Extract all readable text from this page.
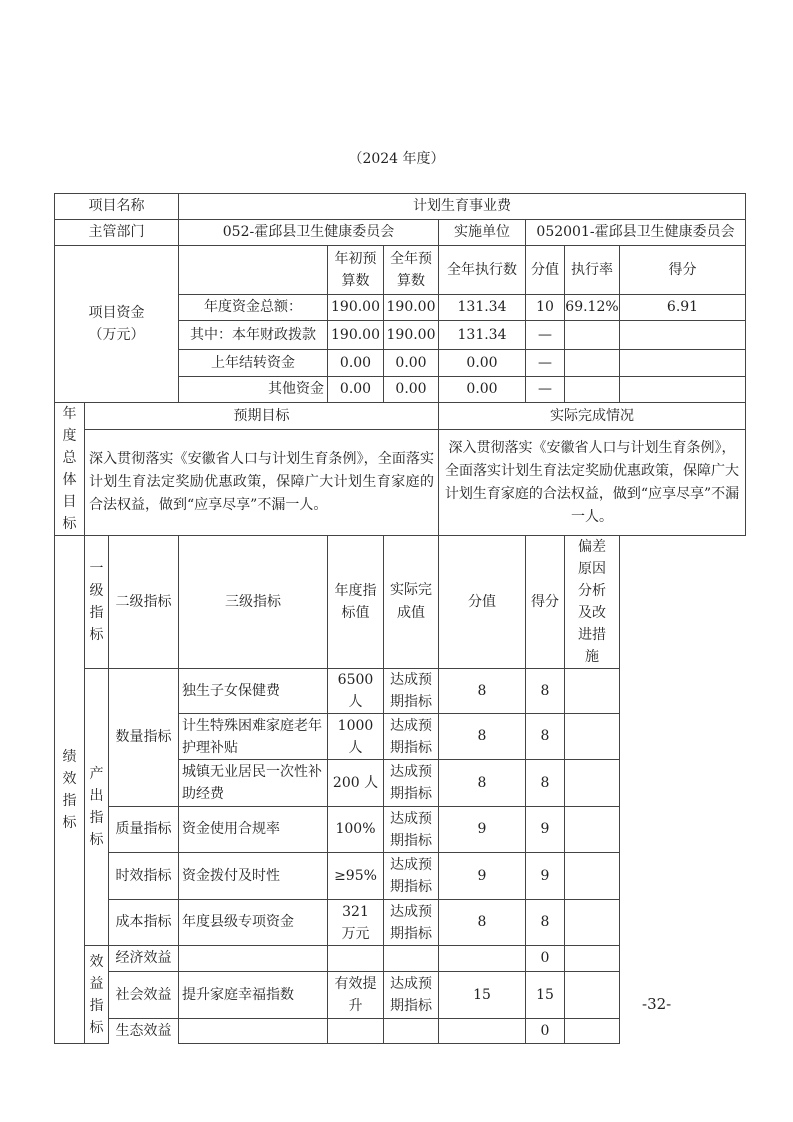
（2024 年度）
项目名称			计划生育事业费						
主管部门			052-霍邱县卫生健康委员会			实施单位	052001-霍邱县卫生健康委员会		

项目资金
（万元）				年初预算数	全年预算数	全年执行数	分值	执行率	得分
			年度资金总额：	190.00	190.00	131.34	10	69.12%	6.91
			其中：本年财政拨款	190.00	190.00	131.34	—		
			上年结转资金	0.00	0.00	0.00	—		
			其他资金	0.00	0.00	0.00	—		
年度总体目标	预期目标					实际完成情况			
	深入贯彻落实《安徽省人口与计划生育条例》，全面落实计划生育法定奖励优惠政策，保障广大计划生育家庭的合法权益，做到“应享尽享”不漏一人。					深入贯彻落实《安徽省人口与计划生育条例》，全面落实计划生育法定奖励优惠政策，保障广大计划生育家庭的合法权益，做到“应享尽享”不漏一人。			
绩效指标	一级指标	二级指标	三级指标	年度指标值	实际完成值	分值	得分	偏差原因分析及改进措施	
	产出指标	数量指标	独生子女保健费	6500人	达成预期指标	8	8		
			计生特殊困难家庭老年护理补贴	1000人	达成预期指标	8	8		
			城镇无业居民一次性补助经费	200 人	达成预期指标	8	8		
		质量指标	资金使用合规率	100%	达成预期指标	9	9		
		时效指标	资金拨付及时性	≥95%	达成预期指标	9	9		
		成本指标	年度县级专项资金	321 万元	达成预期指标	8	8		
	效益指标	经济效益					0		
		社会效益	提升家庭幸福指数	有效提升	达成预期指标	15	15		
		生态效益					0		
-32-
